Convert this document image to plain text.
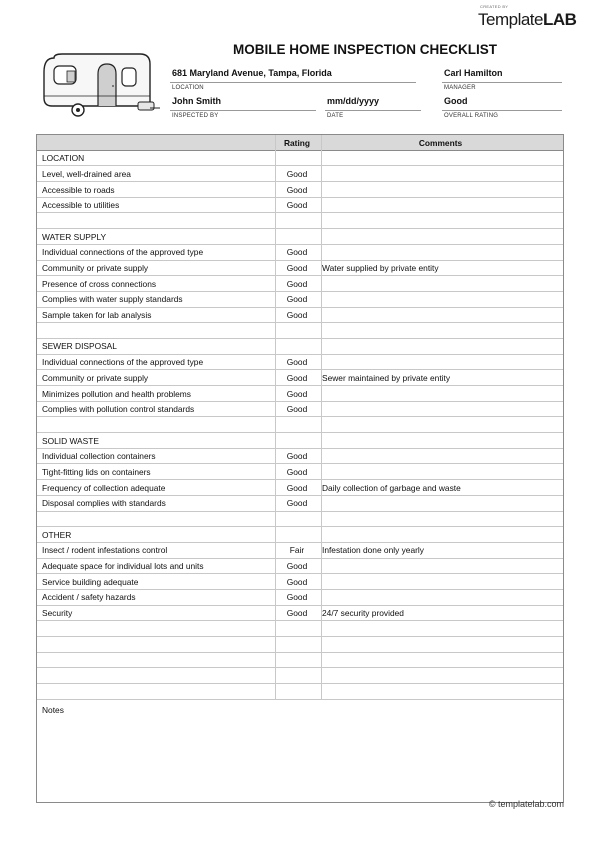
CREATED BY
TemplateLAB
MOBILE HOME INSPECTION CHECKLIST
681 Maryland Avenue, Tampa, Florida
LOCATION
Carl Hamilton
MANAGER
John Smith
INSPECTED BY
mm/dd/yyyy
DATE
Good
OVERALL RATING
Rating	Comments
LOCATION
Level, well-drained area	Good
Accessible to roads	Good
Accessible to utilities	Good
WATER SUPPLY
Individual connections of the approved type	Good
Community or private supply	Good	Water supplied by private entity
Presence of cross connections	Good
Complies with water supply standards	Good
Sample taken for lab analysis	Good
SEWER DISPOSAL
Individual connections of the approved type	Good
Community or private supply	Good	Sewer maintained by private entity
Minimizes pollution and health problems	Good
Complies with pollution control standards	Good
SOLID WASTE
Individual collection containers	Good
Tight-fitting lids on containers	Good
Frequency of collection adequate	Good	Daily collection of garbage and waste
Disposal complies with standards	Good
OTHER
Insect / rodent infestations control	Fair	Infestation done only yearly
Adequate space for individual lots and units	Good
Service building adequate	Good
Accident / safety hazards	Good
Security	Good	24/7 security provided
Notes
© templatelab.com
